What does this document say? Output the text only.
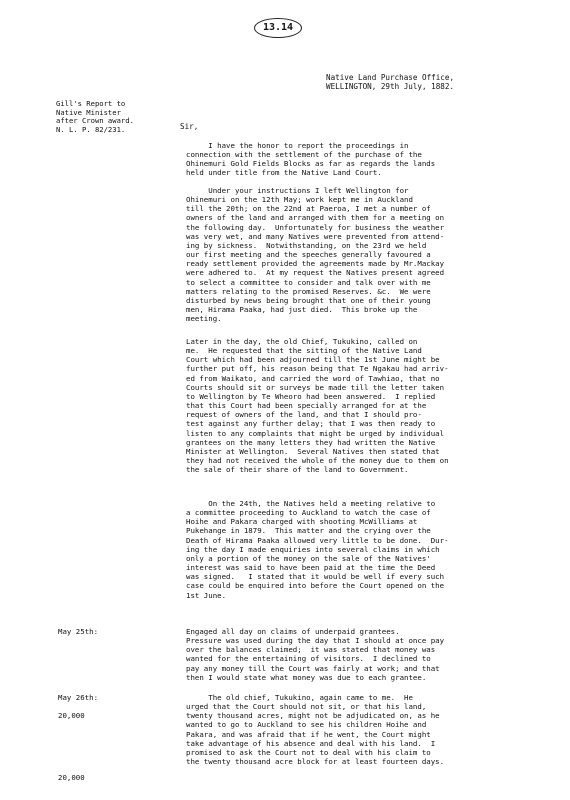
13.14
Native Land Purchase Office,
WELLINGTON, 29th July, 1882.
Gill's Report to
Native Minister
after Crown award.
N. L. P. 82/231.	Sir,
I have the honor to report the proceedings in
connection with the settlement of the purchase of the
Ohinemuri Gold Fields Blocks as far as regards the lands
held under title from the Native Land Court.
Under your instructions I left Wellington for
Ohinemuri on the 12th May; work kept me in Auckland
till the 20th; on the 22nd at Paeroa, I met a number of
owners of the land and arranged with them for a meeting on
the following day.  Unfortunately for business the weather
was very wet, and many Natives were prevented from attend-
ing by sickness.  Notwithstanding, on the 23rd we held
our first meeting and the speeches generally favoured a
ready settlement provided the agreements made by Mr.Mackay
were adhered to.  At my request the Natives present agreed
to select a committee to consider and talk over with me
matters relating to the promised Reserves. &c.  We were
disturbed by news being brought that one of their young
men, Hirama Paaka, had just died.  This broke up the
meeting.
Later in the day, the old Chief, Tukukino, called on
me.  He requested that the sitting of the Native Land
Court which had been adjourned till the 1st June might be
further put off, his reason being that Te Ngakau had arriv-
ed from Waikato, and carried the word of Tawhiao, that no
Courts should sit or surveys be made till the letter taken
to Wellington by Te Wheoro had been answered.  I replied
that this Court had been specially arranged for at the
request of owners of the land, and that I should pro-
test against any further delay; that I was then ready to
listen to any complaints that might be urged by individual
grantees on the many letters they had written the Native
Minister at Wellington.  Several Natives then stated that
they had not received the whole of the money due to them on
the sale of their share of the land to Government.
On the 24th, the Natives held a meeting relative to
a committee proceeding to Auckland to watch the case of
Hoihe and Pakara charged with shooting McWilliams at
Pukehange in 1879.  This matter and the crying over the
Death of Hirama Paaka allowed very little to be done.  Dur-
ing the day I made enquiries into several claims in which
only a portion of the money on the sale of the Natives'
interest was said to have been paid at the time the Deed
was signed.   I stated that it would be well if every such
case could be enquired into before the Court opened on the
1st June.
May 25th:	Engaged all day on claims of underpaid grantees.
Pressure was used during the day that I should at once pay
over the balances claimed;  it was stated that money was
wanted for the entertaining of visitors.  I declined to
pay any money till the Court was fairly at work; and that
then I would state what money was due to each grantee.
May 26th:
20,000
20,000
The old chief, Tukukino, again came to me.  He
urged that the Court should not sit, or that his land,
twenty thousand acres, might not be adjudicated on, as he
wanted to go to Auckland to see his children Hoihe and
Pakara, and was afraid that if he went, the Court might
take advantage of his absence and deal with his land.  I
promised to ask the Court not to deal with his claim to
the twenty thousand acre block for at least fourteen days.
